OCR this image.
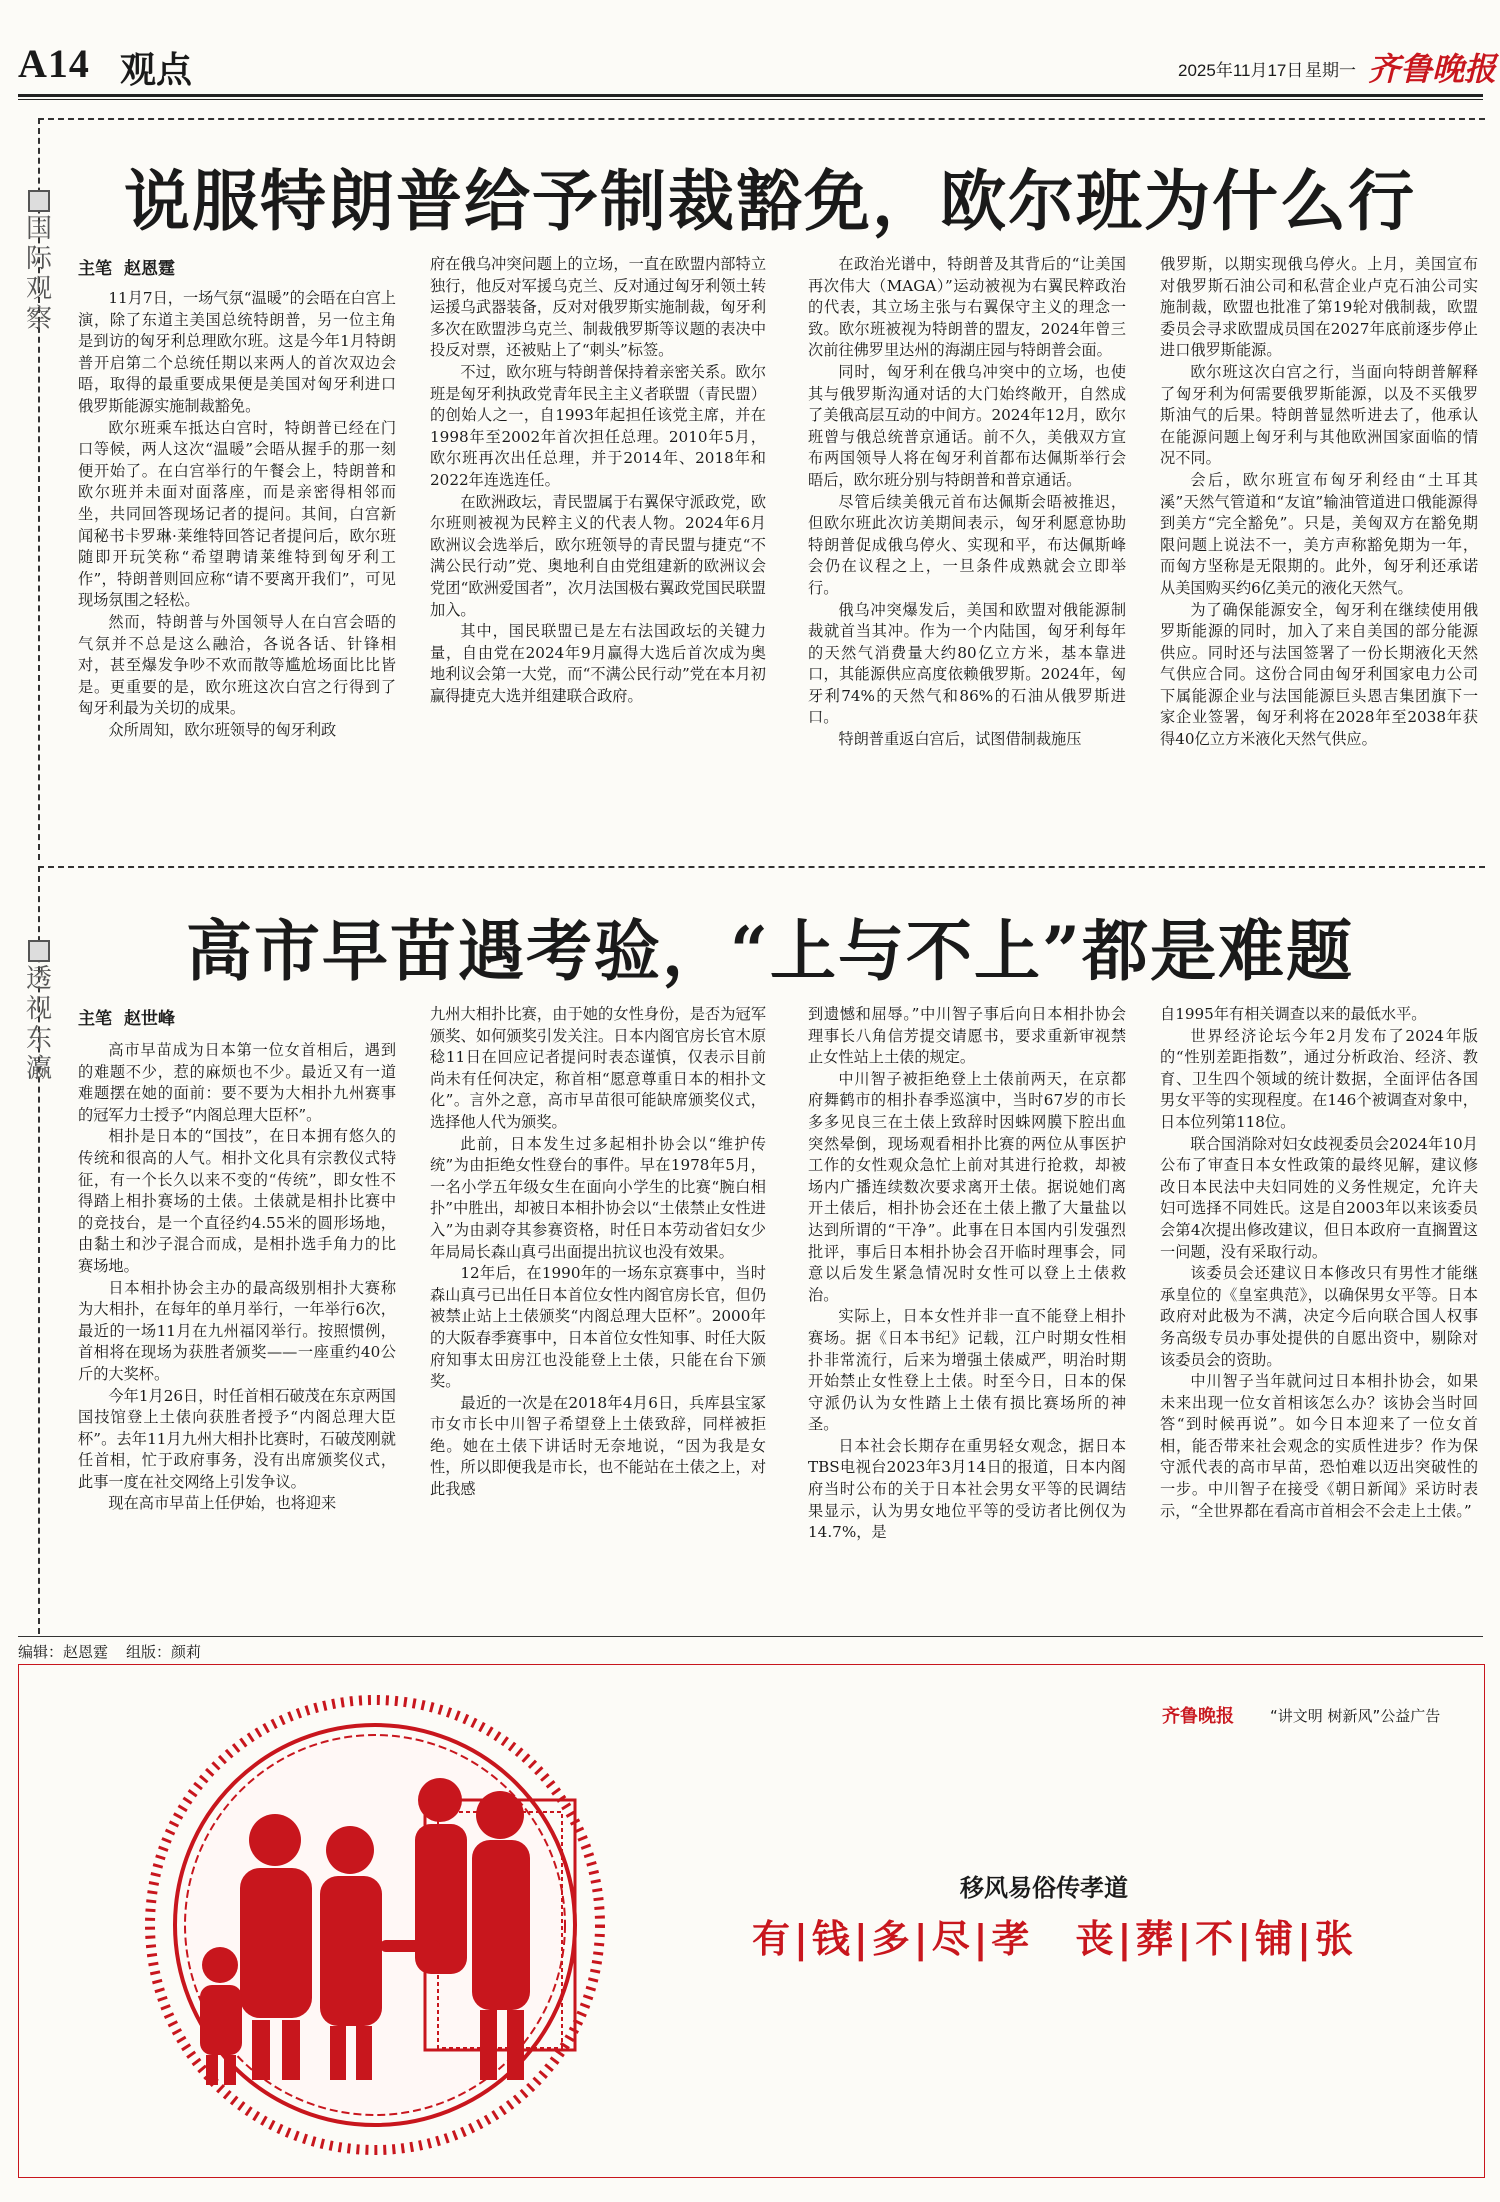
A14 观点	2025年11月17日 星期一 齐鲁晚报
国际观察
说服特朗普给予制裁豁免，欧尔班为什么行
主笔 赵恩霆

11月7日，一场气氛“温暖”的会晤在白宫上演，除了东道主美国总统特朗普，另一位主角是到访的匈牙利总理欧尔班。这是今年1月特朗普开启第二个总统任期以来两人的首次双边会晤，取得的最重要成果便是美国对匈牙利进口俄罗斯能源实施制裁豁免。

欧尔班乘车抵达白宫时，特朗普已经在门口等候，两人这次“温暖”会晤从握手的那一刻便开始了。在白宫举行的午餐会上，特朗普和欧尔班并未面对面落座，而是亲密得相邻而坐，共同回答现场记者的提问。其间，白宫新闻秘书卡罗琳·莱维特回答记者提问后，欧尔班随即开玩笑称“希望聘请莱维特到匈牙利工作”，特朗普则回应称“请不要离开我们”，可见现场氛围之轻松。

然而，特朗普与外国领导人在白宫会晤的气氛并不总是这么融洽，各说各话、针锋相对，甚至爆发争吵不欢而散等尴尬场面比比皆是。更重要的是，欧尔班这次白宫之行得到了匈牙利最为关切的成果。

众所周知，欧尔班领导的匈牙利政

府在俄乌冲突问题上的立场，一直在欧盟内部特立独行，他反对军援乌克兰、反对通过匈牙利领土转运援乌武器装备，反对对俄罗斯实施制裁，匈牙利多次在欧盟涉乌克兰、制裁俄罗斯等议题的表决中投反对票，还被贴上了“刺头”标签。

不过，欧尔班与特朗普保持着亲密关系。欧尔班是匈牙利执政党青年民主主义者联盟（青民盟）的创始人之一，自1993年起担任该党主席，并在1998年至2002年首次担任总理。2010年5月，欧尔班再次出任总理，并于2014年、2018年和2022年连选连任。

在欧洲政坛，青民盟属于右翼保守派政党，欧尔班则被视为民粹主义的代表人物。2024年6月欧洲议会选举后，欧尔班领导的青民盟与捷克“不满公民行动”党、奥地利自由党组建新的欧洲议会党团“欧洲爱国者”，次月法国极右翼政党国民联盟加入。

其中，国民联盟已是左右法国政坛的关键力量，自由党在2024年9月赢得大选后首次成为奥地利议会第一大党，而“不满公民行动”党在本月初赢得捷克大选并组建联合政府。

在政治光谱中，特朗普及其背后的“让美国再次伟大（MAGA）”运动被视为右翼民粹政治的代表，其立场主张与右翼保守主义的理念一致。欧尔班被视为特朗普的盟友，2024年曾三次前往佛罗里达州的海湖庄园与特朗普会面。

同时，匈牙利在俄乌冲突中的立场，也使其与俄罗斯沟通对话的大门始终敞开，自然成了美俄高层互动的中间方。2024年12月，欧尔班曾与俄总统普京通话。前不久，美俄双方宣布两国领导人将在匈牙利首都布达佩斯举行会晤后，欧尔班分别与特朗普和普京通话。

尽管后续美俄元首布达佩斯会晤被推迟，但欧尔班此次访美期间表示，匈牙利愿意协助特朗普促成俄乌停火、实现和平，布达佩斯峰会仍在议程之上，一旦条件成熟就会立即举行。

俄乌冲突爆发后，美国和欧盟对俄能源制裁就首当其冲。作为一个内陆国，匈牙利每年的天然气消费量大约80亿立方米，基本靠进口，其能源供应高度依赖俄罗斯。2024年，匈牙利74%的天然气和86%的石油从俄罗斯进口。

特朗普重返白宫后，试图借制裁施压

俄罗斯，以期实现俄乌停火。上月，美国宣布对俄罗斯石油公司和私营企业卢克石油公司实施制裁，欧盟也批准了第19轮对俄制裁，欧盟委员会寻求欧盟成员国在2027年底前逐步停止进口俄罗斯能源。

欧尔班这次白宫之行，当面向特朗普解释了匈牙利为何需要俄罗斯能源，以及不买俄罗斯油气的后果。特朗普显然听进去了，他承认在能源问题上匈牙利与其他欧洲国家面临的情况不同。

会后，欧尔班宣布匈牙利经由“土耳其溪”天然气管道和“友谊”输油管道进口俄能源得到美方“完全豁免”。只是，美匈双方在豁免期限问题上说法不一，美方声称豁免期为一年，而匈方坚称是无限期的。此外，匈牙利还承诺从美国购买约6亿美元的液化天然气。

为了确保能源安全，匈牙利在继续使用俄罗斯能源的同时，加入了来自美国的部分能源供应。同时还与法国签署了一份长期液化天然气供应合同。这份合同由匈牙利国家电力公司下属能源企业与法国能源巨头恩吉集团旗下一家企业签署，匈牙利将在2028年至2038年获得40亿立方米液化天然气供应。

透视东瀛
高市早苗遇考验，“上与不上”都是难题
主笔 赵世峰

高市早苗成为日本第一位女首相后，遇到的难题不少，惹的麻烦也不少。最近又有一道难题摆在她的面前：要不要为大相扑九州赛事的冠军力士授予“内阁总理大臣杯”。

相扑是日本的“国技”，在日本拥有悠久的传统和很高的人气。相扑文化具有宗教仪式特征，有一个长久以来不变的“传统”，即女性不得踏上相扑赛场的土俵。土俵就是相扑比赛中的竞技台，是一个直径约4.55米的圆形场地，由黏土和沙子混合而成，是相扑选手角力的比赛场地。

日本相扑协会主办的最高级别相扑大赛称为大相扑，在每年的单月举行，一年举行6次，最近的一场11月在九州福冈举行。按照惯例，首相将在现场为获胜者颁奖——一座重约40公斤的大奖杯。

今年1月26日，时任首相石破茂在东京两国国技馆登上土俵向获胜者授予“内阁总理大臣杯”。去年11月九州大相扑比赛时，石破茂刚就任首相，忙于政府事务，没有出席颁奖仪式，此事一度在社交网络上引发争议。

现在高市早苗上任伊始，也将迎来

九州大相扑比赛，由于她的女性身份，是否为冠军颁奖、如何颁奖引发关注。日本内阁官房长官木原稔11日在回应记者提问时表态谨慎，仅表示目前尚未有任何决定，称首相“愿意尊重日本的相扑文化”。言外之意，高市早苗很可能缺席颁奖仪式，选择他人代为颁奖。

此前，日本发生过多起相扑协会以“维护传统”为由拒绝女性登台的事件。早在1978年5月，一名小学五年级女生在面向小学生的比赛“腕白相扑”中胜出，却被日本相扑协会以“土俵禁止女性进入”为由剥夺其参赛资格，时任日本劳动省妇女少年局局长森山真弓出面提出抗议也没有效果。

12年后，在1990年的一场东京赛事中，当时森山真弓已出任日本首位女性内阁官房长官，但仍被禁止站上土俵颁奖“内阁总理大臣杯”。2000年的大阪春季赛事中，日本首位女性知事、时任大阪府知事太田房江也没能登上土俵，只能在台下颁奖。

最近的一次是在2018年4月6日，兵库县宝冢市女市长中川智子希望登上土俵致辞，同样被拒绝。她在土俵下讲话时无奈地说，“因为我是女性，所以即便我是市长，也不能站在土俵之上，对此我感

到遗憾和屈辱。”中川智子事后向日本相扑协会理事长八角信芳提交请愿书，要求重新审视禁止女性站上土俵的规定。

中川智子被拒绝登上土俵前两天，在京都府舞鹤市的相扑春季巡演中，当时67岁的市长多多见良三在土俵上致辞时因蛛网膜下腔出血突然晕倒，现场观看相扑比赛的两位从事医护工作的女性观众急忙上前对其进行抢救，却被场内广播连续数次要求离开土俵。据说她们离开土俵后，相扑协会还在土俵上撒了大量盐以达到所谓的“干净”。此事在日本国内引发强烈批评，事后日本相扑协会召开临时理事会，同意以后发生紧急情况时女性可以登上土俵救治。

实际上，日本女性并非一直不能登上相扑赛场。据《日本书纪》记载，江户时期女性相扑非常流行，后来为增强土俵威严，明治时期开始禁止女性登上土俵。时至今日，日本的保守派仍认为女性踏上土俵有损比赛场所的神圣。

日本社会长期存在重男轻女观念，据日本TBS电视台2023年3月14日的报道，日本内阁府当时公布的关于日本社会男女平等的民调结果显示，认为男女地位平等的受访者比例仅为14.7%，是

自1995年有相关调查以来的最低水平。

世界经济论坛今年2月发布了2024年版的“性别差距指数”，通过分析政治、经济、教育、卫生四个领域的统计数据，全面评估各国男女平等的实现程度。在146个被调查对象中，日本位列第118位。

联合国消除对妇女歧视委员会2024年10月公布了审查日本女性政策的最终见解，建议修改日本民法中夫妇同姓的义务性规定，允许夫妇可选择不同姓氏。这是自2003年以来该委员会第4次提出修改建议，但日本政府一直搁置这一问题，没有采取行动。

该委员会还建议日本修改只有男性才能继承皇位的《皇室典范》，以确保男女平等。日本政府对此极为不满，决定今后向联合国人权事务高级专员办事处提供的自愿出资中，剔除对该委员会的资助。

中川智子当年就问过日本相扑协会，如果未来出现一位女首相该怎么办？该协会当时回答“到时候再说”。如今日本迎来了一位女首相，能否带来社会观念的实质性进步？作为保守派代表的高市早苗，恐怕难以迈出突破性的一步。中川智子在接受《朝日新闻》采访时表示，“全世界都在看高市首相会不会走上土俵。”

编辑：赵恩霆 组版：颜莉
齐鲁晚报 “讲文明 树新风”公益广告
移风易俗传孝道
有|钱|多|尽|孝　丧|葬|不|铺|张
